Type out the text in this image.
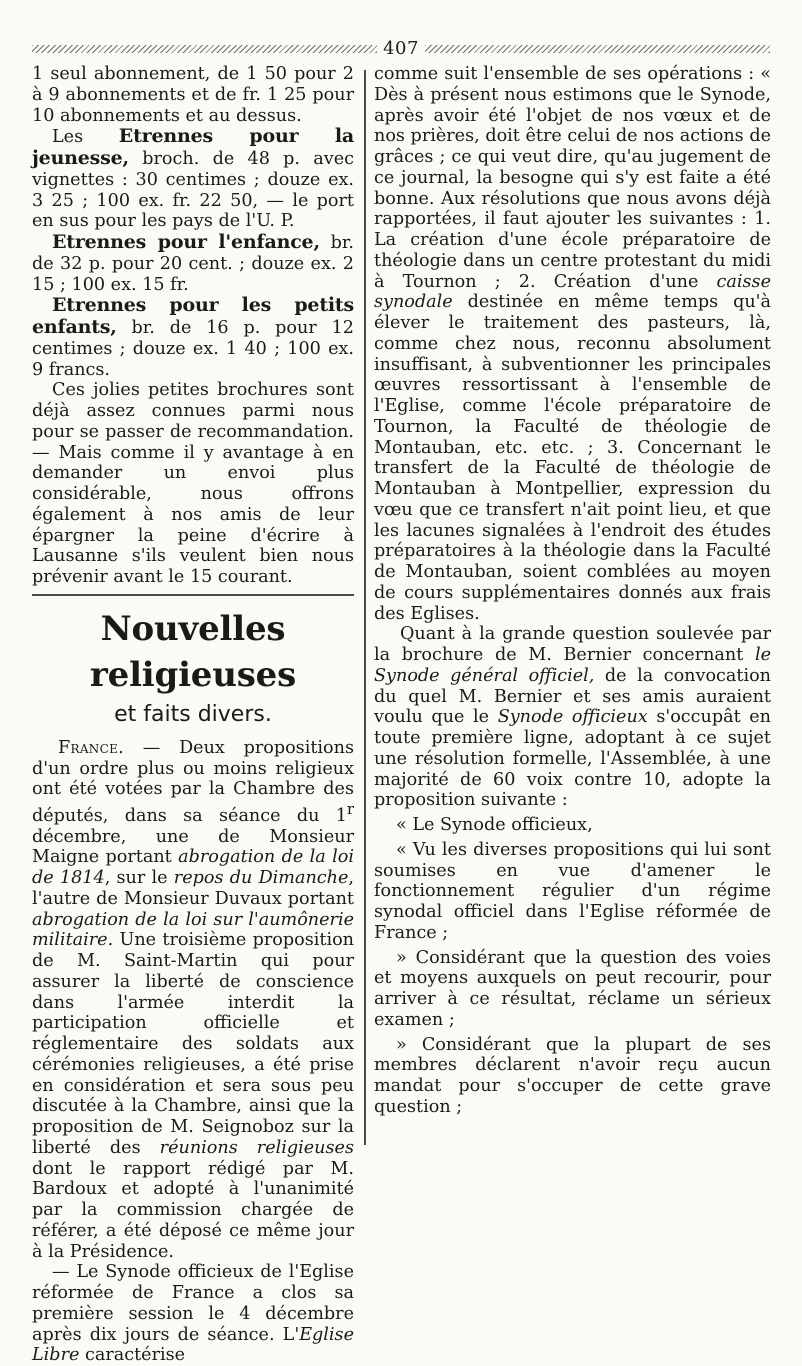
407

1 seul abonnement, de 1 50 pour 2 à 9 abonnements et de fr. 1 25 pour 10 abonnements et au dessus.

Les Etrennes pour la jeunesse, broch. de 48 p. avec vignettes : 30 centimes ; douze ex. 3 25 ; 100 ex. fr. 22 50, — le port en sus pour les pays de l'U. P.

Etrennes pour l'enfance, br. de 32 p. pour 20 cent. ; douze ex. 2 15 ; 100 ex. 15 fr.

Etrennes pour les petits enfants, br. de 16 p. pour 12 centimes ; douze ex. 1 40 ; 100 ex. 9 francs.

Ces jolies petites brochures sont déjà assez connues parmi nous pour se passer de recommandation. — Mais comme il y avantage à en demander un envoi plus considérable, nous offrons également à nos amis de leur épargner la peine d'écrire à Lausanne s'ils veulent bien nous prévenir avant le 15 courant.

Nouvelles religieuses
et faits divers.

France. — Deux propositions d'un ordre plus ou moins religieux ont été votées par la Chambre des députés, dans sa séance du 1$^r$ décembre, une de Monsieur Maigne portant abrogation de la loi de 1814, sur le repos du Dimanche, l'autre de Monsieur Duvaux portant abrogation de la loi sur l'aumônerie militaire. Une troisième proposition de M. Saint-Martin qui pour assurer la liberté de conscience dans l'armée interdit la participation officielle et réglementaire des soldats aux cérémonies religieuses, a été prise en considération et sera sous peu discutée à la Chambre, ainsi que la proposition de M. Seignoboz sur la liberté des réunions religieuses dont le rapport rédigé par M. Bardoux et adopté à l'unanimité par la commission chargée de référer, a été déposé ce même jour à la Présidence.

— Le Synode officieux de l'Eglise réformée de France a clos sa première session le 4 décembre après dix jours de séance. L'Eglise Libre caractérise

comme suit l'ensemble de ses opérations : « Dès à présent nous estimons que le Synode, après avoir été l'objet de nos vœux et de nos prières, doit être celui de nos actions de grâces ; ce qui veut dire, qu'au jugement de ce journal, la besogne qui s'y est faite a été bonne. Aux résolutions que nous avons déjà rapportées, il faut ajouter les suivantes : 1. La création d'une école préparatoire de théologie dans un centre protestant du midi à Tournon ; 2. Création d'une caisse synodale destinée en même temps qu'à élever le traitement des pasteurs, là, comme chez nous, reconnu absolument insuffisant, à subventionner les principales œuvres ressortissant à l'ensemble de l'Eglise, comme l'école préparatoire de Tournon, la Faculté de théologie de Montauban, etc. etc. ; 3. Concernant le transfert de la Faculté de théologie de Montauban à Montpellier, expression du vœu que ce transfert n'ait point lieu, et que les lacunes signalées à l'endroit des études préparatoires à la théologie dans la Faculté de Montauban, soient comblées au moyen de cours supplémentaires donnés aux frais des Eglises.

Quant à la grande question soulevée par la brochure de M. Bernier concernant le Synode général officiel, de la convocation du quel M. Bernier et ses amis auraient voulu que le Synode officieux s'occupât en toute première ligne, adoptant à ce sujet une résolution formelle, l'Assemblée, à une majorité de 60 voix contre 10, adopte la proposition suivante :

« Le Synode officieux,

« Vu les diverses propositions qui lui sont soumises en vue d'amener le fonctionnement régulier d'un régime synodal officiel dans l'Eglise réformée de France ;

» Considérant que la question des voies et moyens auxquels on peut recourir, pour arriver à ce résultat, réclame un sérieux examen ;

» Considérant que la plupart de ses membres déclarent n'avoir reçu aucun mandat pour s'occuper de cette grave question ;
